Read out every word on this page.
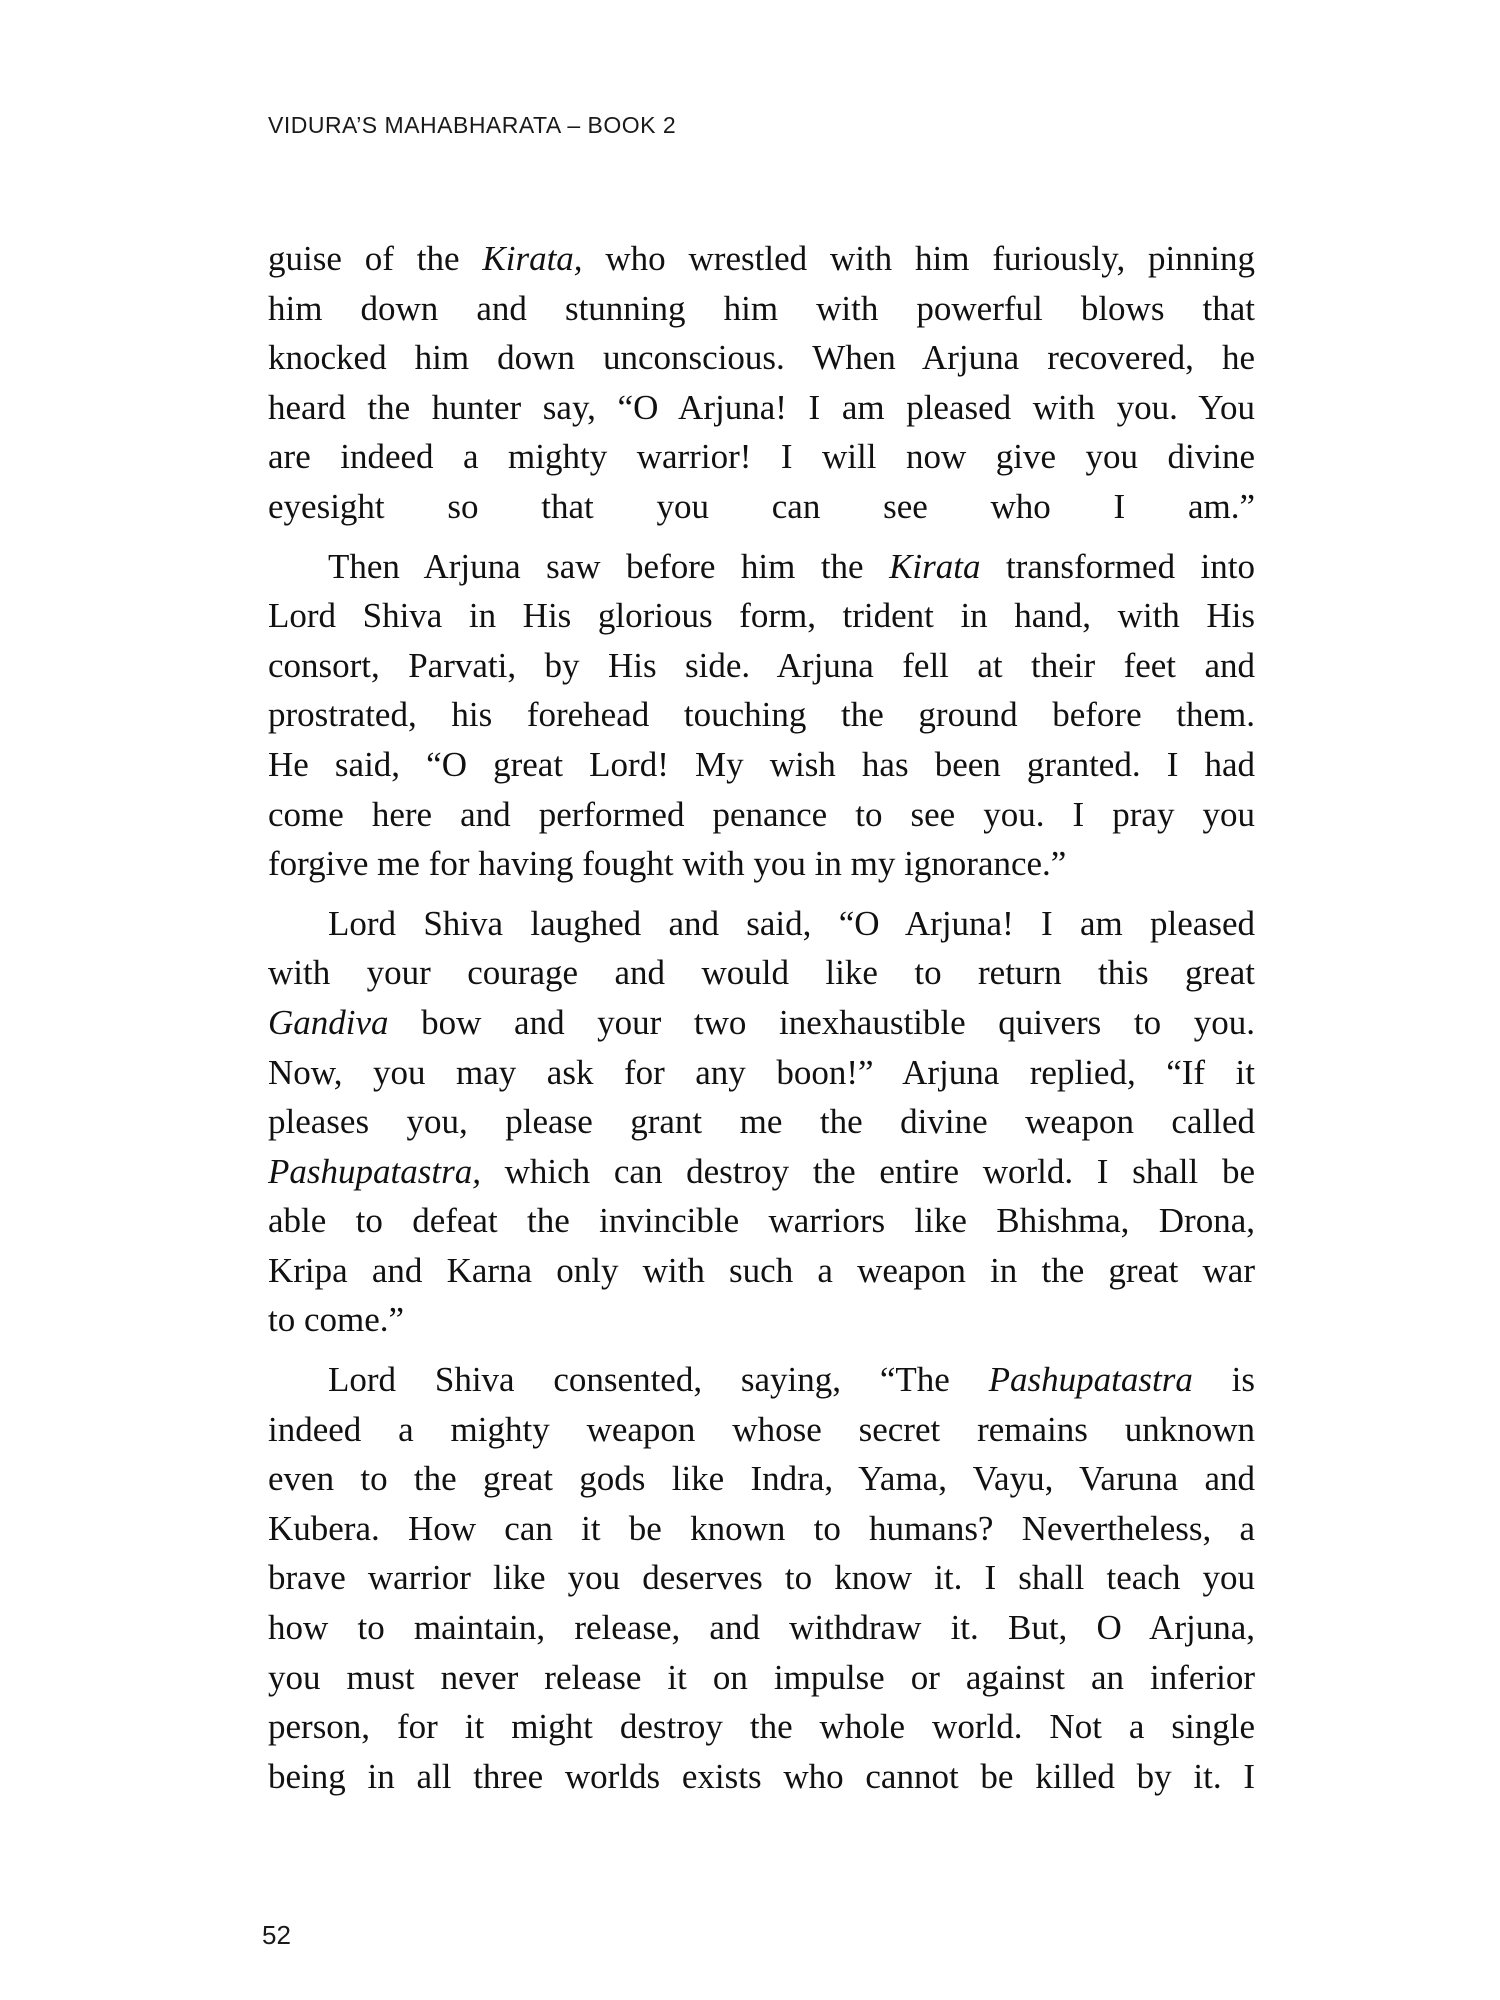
VIDURA’S MAHABHARATA – BOOK 2
guise of the Kirata, who wrestled with him furiously, pinning
him down and stunning him with powerful blows that
knocked him down unconscious. When Arjuna recovered, he
heard the hunter say, “O Arjuna! I am pleased with you. You
are indeed a mighty warrior! I will now give you divine
eyesight so that you can see who I am.”
Then Arjuna saw before him the Kirata transformed into
Lord Shiva in His glorious form, trident in hand, with His
consort, Parvati, by His side. Arjuna fell at their feet and
prostrated, his forehead touching the ground before them.
He said, “O great Lord! My wish has been granted. I had
come here and performed penance to see you. I pray you
forgive me for having fought with you in my ignorance.”
Lord Shiva laughed and said, “O Arjuna! I am pleased
with your courage and would like to return this great
Gandiva bow and your two inexhaustible quivers to you.
Now, you may ask for any boon!” Arjuna replied, “If it
pleases you, please grant me the divine weapon called
Pashupatastra, which can destroy the entire world. I shall be
able to defeat the invincible warriors like Bhishma, Drona,
Kripa and Karna only with such a weapon in the great war
to come.”
Lord Shiva consented, saying, “The Pashupatastra is
indeed a mighty weapon whose secret remains unknown
even to the great gods like Indra, Yama, Vayu, Varuna and
Kubera. How can it be known to humans? Nevertheless, a
brave warrior like you deserves to know it. I shall teach you
how to maintain, release, and withdraw it. But, O Arjuna,
you must never release it on impulse or against an inferior
person, for it might destroy the whole world. Not a single
being in all three worlds exists who cannot be killed by it. I
52
